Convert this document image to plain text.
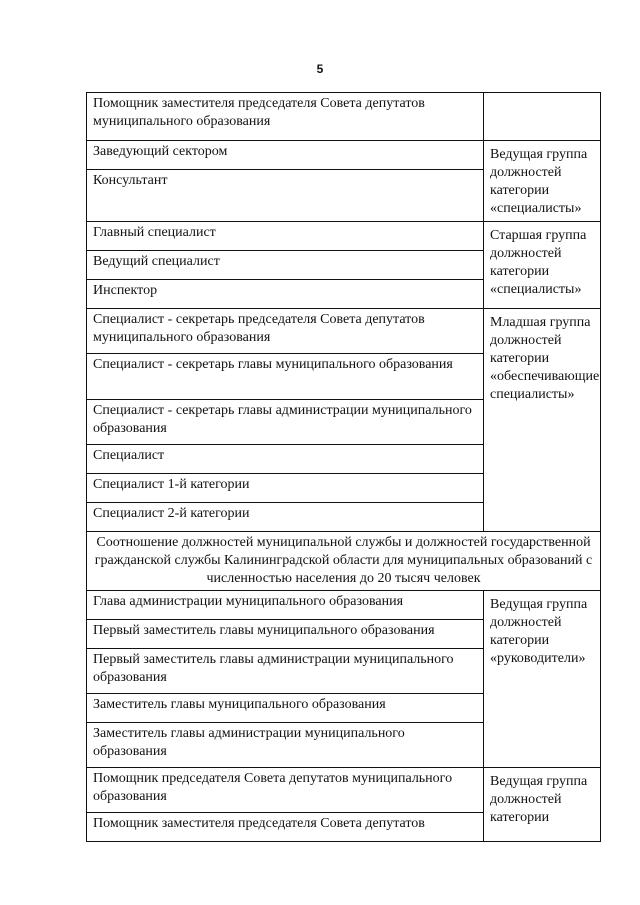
5
Помощник заместителя председателя Совета депутатов муниципального образования	
Заведующий сектором	Ведущая группа должностей категории «специалисты»
Консультант	
Главный специалист	Старшая группа должностей категории «специалисты»
Ведущий специалист	
Инспектор	
Специалист - секретарь председателя Совета депутатов муниципального образования	Младшая группа должностей категории «обеспечивающие специалисты»
Специалист - секретарь главы муниципального образования	
Специалист - секретарь главы администрации муниципального образования	
Специалист	
Специалист 1-й категории	
Специалист 2-й категории	
Соотношение должностей муниципальной службы и должностей государственной гражданской службы Калининградской области для муниципальных образований с численностью населения до 20 тысяч человек	
Глава администрации муниципального образования	Ведущая группа должностей категории «руководители»
Первый заместитель главы муниципального образования	
Первый заместитель главы администрации муниципального образования	
Заместитель главы муниципального образования	
Заместитель главы администрации муниципального образования	
Помощник председателя Совета депутатов муниципального образования	Ведущая группа должностей категории
Помощник заместителя председателя Совета депутатов	
